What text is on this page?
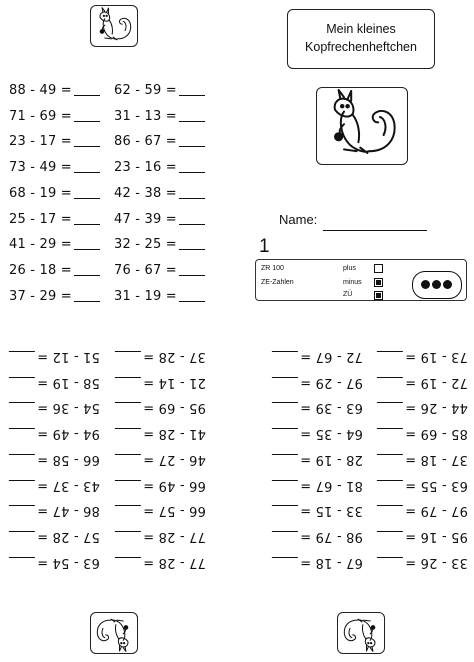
Mein kleines
Kopfrechenheftchen
Name:
1
ZR 100
ZE-Zahlen
plus
minus
ZÜ
88 - 49 =
71 - 69 =
23 - 17 =
73 - 49 =
68 - 19 =
25 - 17 =
41 - 29 =
26 - 18 =
37 - 29 =
62 - 59 =
31 - 13 =
86 - 67 =
23 - 16 =
42 - 38 =
47 - 39 =
32 - 25 =
76 - 67 =
31 - 19 =
51 - 12 =
58 - 19 =
54 - 36 =
94 - 49 =
66 - 58 =
43 - 37 =
86 - 47 =
57 - 28 =
63 - 54 =
37 - 28 =
21 - 14 =
95 - 69 =
41 - 28 =
46 - 27 =
66 - 49 =
66 - 57 =
77 - 28 =
77 - 28 =
72 - 67 =
97 - 29 =
63 - 39 =
64 - 35 =
28 - 19 =
81 - 67 =
33 - 15 =
98 - 79 =
67 - 18 =
73 - 19 =
72 - 19 =
44 - 26 =
85 - 69 =
37 - 18 =
63 - 55 =
97 - 79 =
95 - 16 =
33 - 26 =
